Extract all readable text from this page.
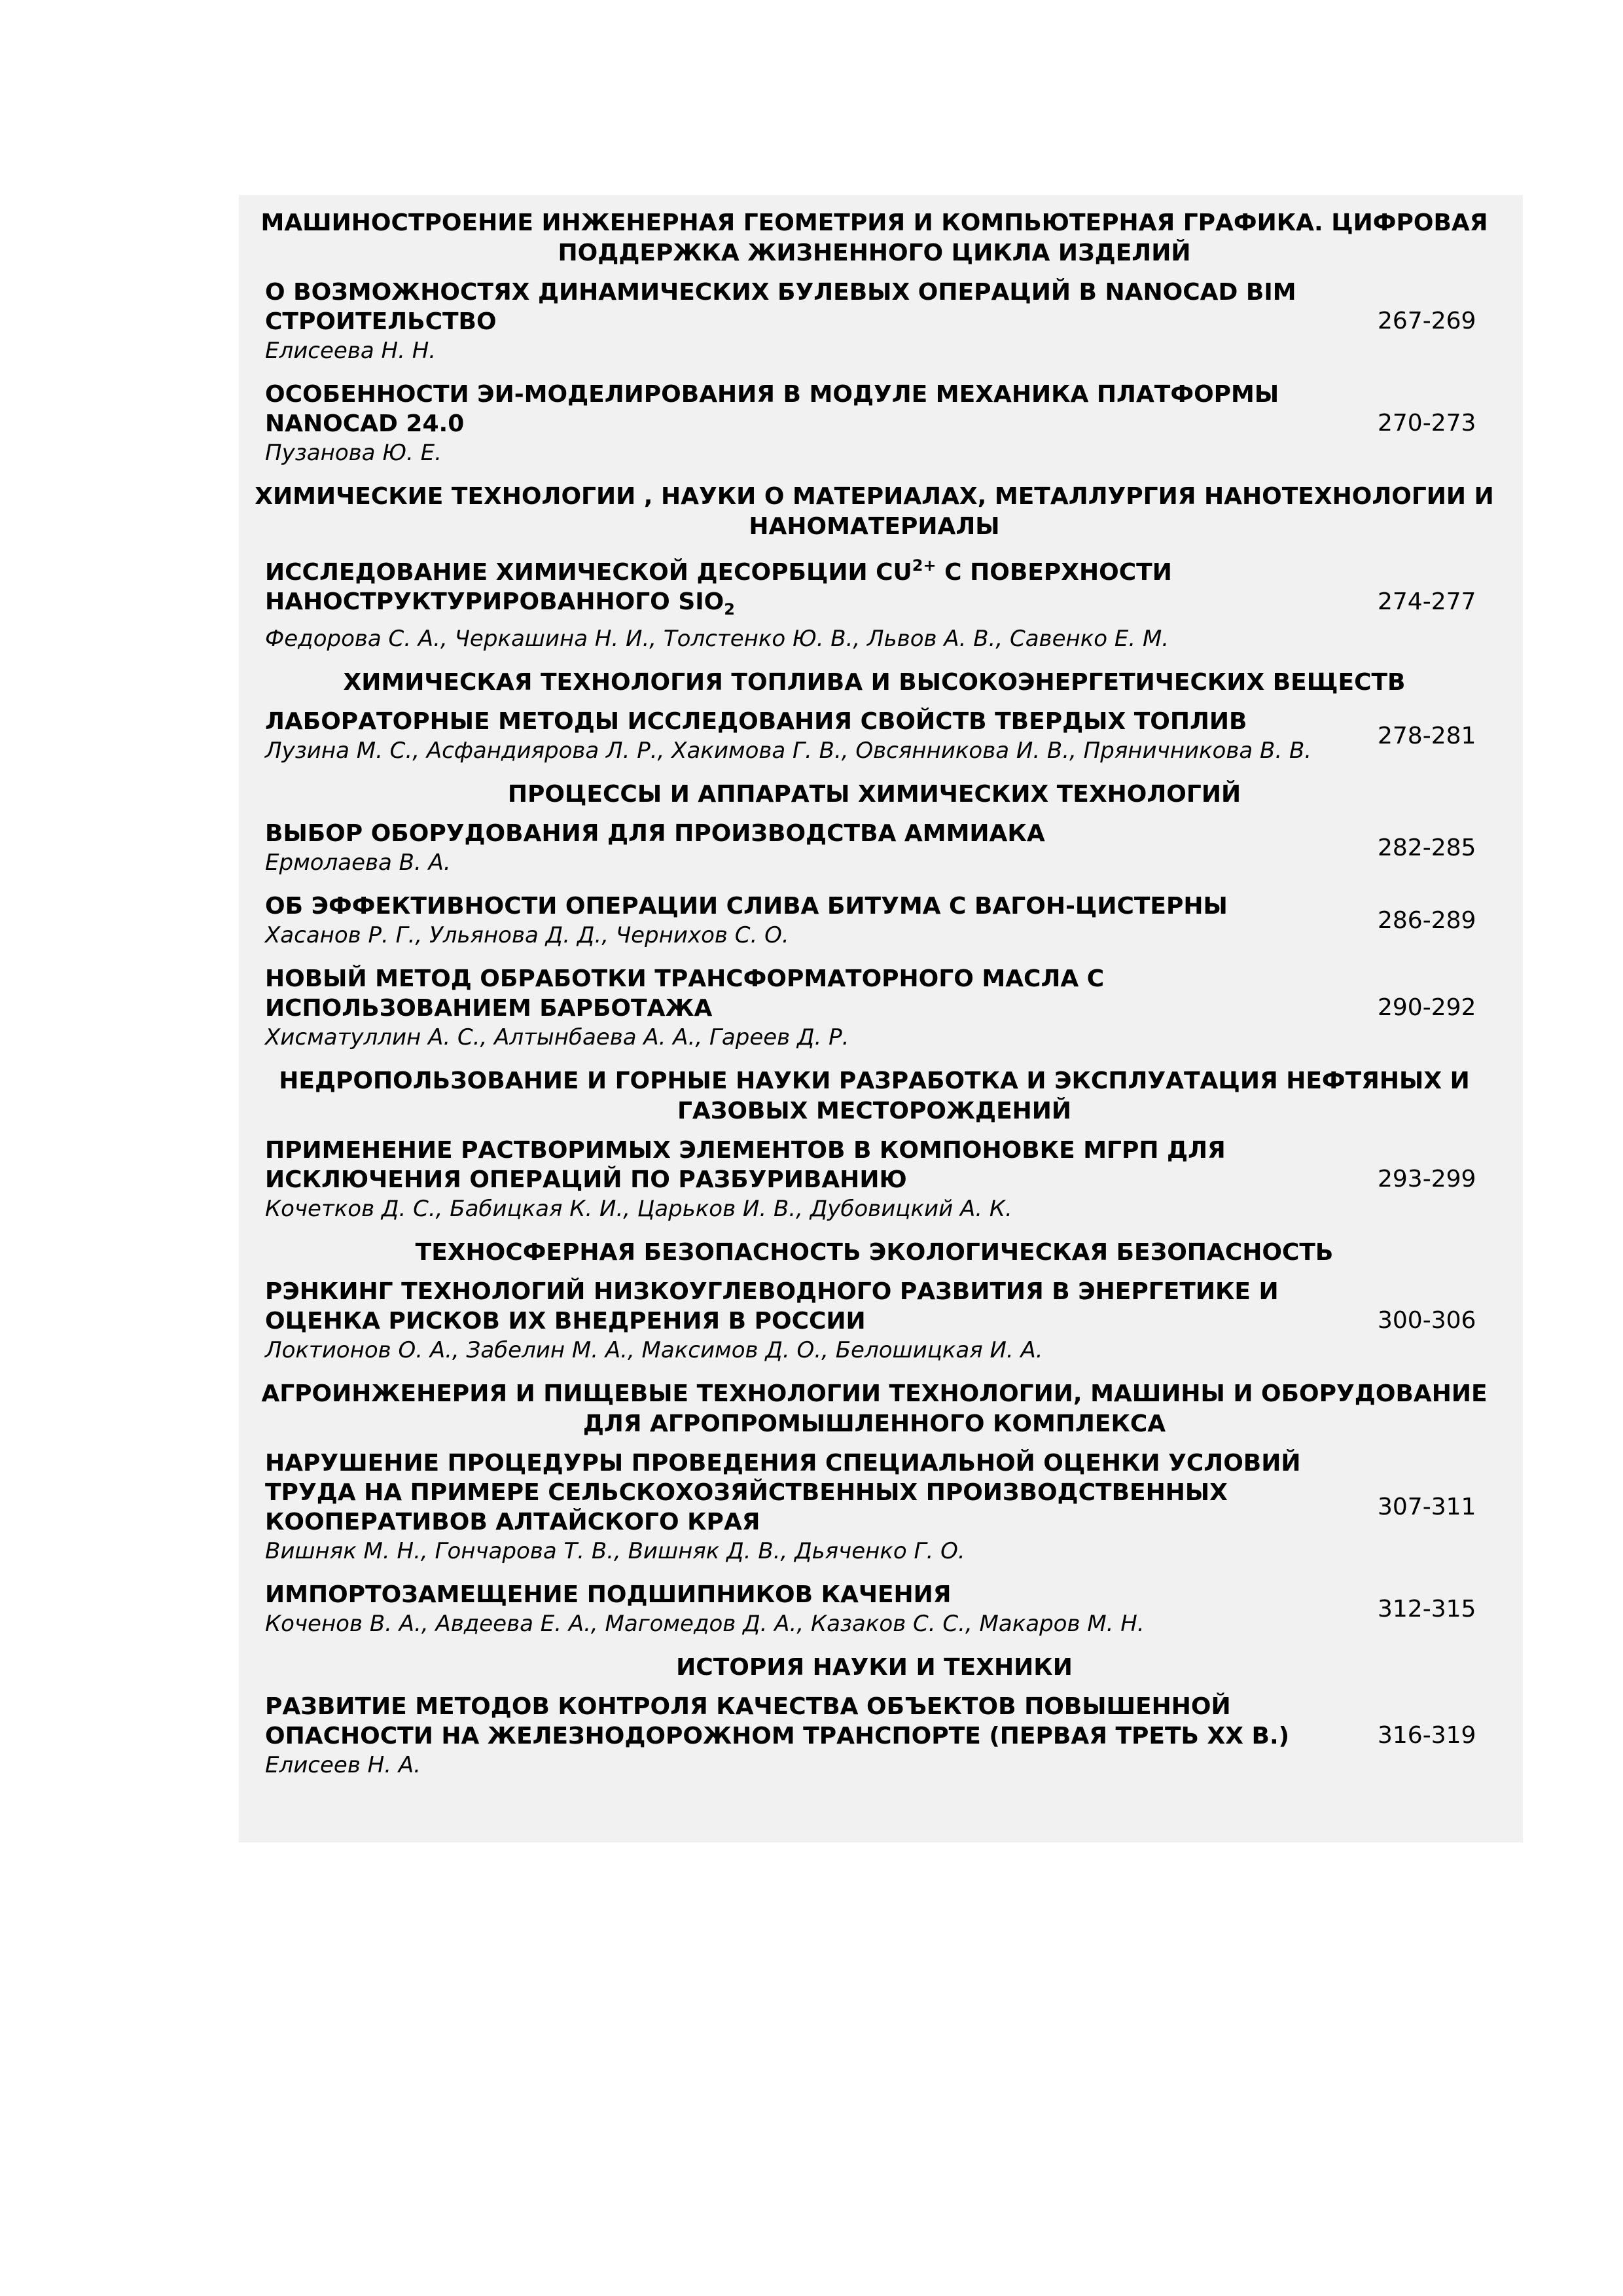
МАШИНОСТРОЕНИЕ ИНЖЕНЕРНАЯ ГЕОМЕТРИЯ И КОМПЬЮТЕРНАЯ ГРАФИКА. ЦИФРОВАЯ ПОДДЕРЖКА ЖИЗНЕННОГО ЦИКЛА ИЗДЕЛИЙ
О ВОЗМОЖНОСТЯХ ДИНАМИЧЕСКИХ БУЛЕВЫХ ОПЕРАЦИЙ В NANOCAD BIM СТРОИТЕЛЬСТВО
Елисеева Н. Н.
267-269
ОСОБЕННОСТИ ЭИ-МОДЕЛИРОВАНИЯ В МОДУЛЕ МЕХАНИКА ПЛАТФОРМЫ NANOCAD 24.0
Пузанова Ю. Е.
270-273
ХИМИЧЕСКИЕ ТЕХНОЛОГИИ , НАУКИ О МАТЕРИАЛАХ, МЕТАЛЛУРГИЯ НАНОТЕХНОЛОГИИ И НАНОМАТЕРИАЛЫ
ИССЛЕДОВАНИЕ ХИМИЧЕСКОЙ ДЕСОРБЦИИ $CU^{2+}$ С ПОВЕРХНОСТИ НАНОСТРУКТУРИРОВАННОГО $SIO_2$
Федорова С. А., Черкашина Н. И., Толстенко Ю. В., Львов А. В., Савенко Е. М.
274-277
ХИМИЧЕСКАЯ ТЕХНОЛОГИЯ ТОПЛИВА И ВЫСОКОЭНЕРГЕТИЧЕСКИХ ВЕЩЕСТВ
ЛАБОРАТОРНЫЕ МЕТОДЫ ИССЛЕДОВАНИЯ СВОЙСТВ ТВЕРДЫХ ТОПЛИВ
Лузина М. С., Асфандиярова Л. Р., Хакимова Г. В., Овсянникова И. В., Пряничникова В. В.
278-281
ПРОЦЕССЫ И АППАРАТЫ ХИМИЧЕСКИХ ТЕХНОЛОГИЙ
ВЫБОР ОБОРУДОВАНИЯ ДЛЯ ПРОИЗВОДСТВА АММИАКА
Ермолаева В. А.
282-285
ОБ ЭФФЕКТИВНОСТИ ОПЕРАЦИИ СЛИВА БИТУМА С ВАГОН-ЦИСТЕРНЫ
Хасанов Р. Г., Ульянова Д. Д., Чернихов С. О.
286-289
НОВЫЙ МЕТОД ОБРАБОТКИ ТРАНСФОРМАТОРНОГО МАСЛА С ИСПОЛЬЗОВАНИЕМ БАРБОТАЖА
Хисматуллин А. С., Алтынбаева А. А., Гареев Д. Р.
290-292
НЕДРОПОЛЬЗОВАНИЕ И ГОРНЫЕ НАУКИ РАЗРАБОТКА И ЭКСПЛУАТАЦИЯ НЕФТЯНЫХ И ГАЗОВЫХ МЕСТОРОЖДЕНИЙ
ПРИМЕНЕНИЕ РАСТВОРИМЫХ ЭЛЕМЕНТОВ В КОМПОНОВКЕ МГРП ДЛЯ ИСКЛЮЧЕНИЯ ОПЕРАЦИЙ ПО РАЗБУРИВАНИЮ
Кочетков Д. С., Бабицкая К. И., Царьков И. В., Дубовицкий А. К.
293-299
ТЕХНОСФЕРНАЯ БЕЗОПАСНОСТЬ ЭКОЛОГИЧЕСКАЯ БЕЗОПАСНОСТЬ
РЭНКИНГ ТЕХНОЛОГИЙ НИЗКОУГЛЕВОДНОГО РАЗВИТИЯ В ЭНЕРГЕТИКЕ И ОЦЕНКА РИСКОВ ИХ ВНЕДРЕНИЯ В РОССИИ
Локтионов О. А., Забелин М. А., Максимов Д. О., Белошицкая И. А.
300-306
АГРОИНЖЕНЕРИЯ И ПИЩЕВЫЕ ТЕХНОЛОГИИ ТЕХНОЛОГИИ, МАШИНЫ И ОБОРУДОВАНИЕ ДЛЯ АГРОПРОМЫШЛЕННОГО КОМПЛЕКСА
НАРУШЕНИЕ ПРОЦЕДУРЫ ПРОВЕДЕНИЯ СПЕЦИАЛЬНОЙ ОЦЕНКИ УСЛОВИЙ ТРУДА НА ПРИМЕРЕ СЕЛЬСКОХОЗЯЙСТВЕННЫХ ПРОИЗВОДСТВЕННЫХ КООПЕРАТИВОВ АЛТАЙСКОГО КРАЯ
Вишняк М. Н., Гончарова Т. В., Вишняк Д. В., Дьяченко Г. О.
307-311
ИМПОРТОЗАМЕЩЕНИЕ ПОДШИПНИКОВ КАЧЕНИЯ
Коченов В. А., Авдеева Е. А., Магомедов Д. А., Казаков С. С., Макаров М. Н.
312-315
ИСТОРИЯ НАУКИ И ТЕХНИКИ
РАЗВИТИЕ МЕТОДОВ КОНТРОЛЯ КАЧЕСТВА ОБЪЕКТОВ ПОВЫШЕННОЙ ОПАСНОСТИ НА ЖЕЛЕЗНОДОРОЖНОМ ТРАНСПОРТЕ (ПЕРВАЯ ТРЕТЬ XX В.)
Елисеев Н. А.
316-319
